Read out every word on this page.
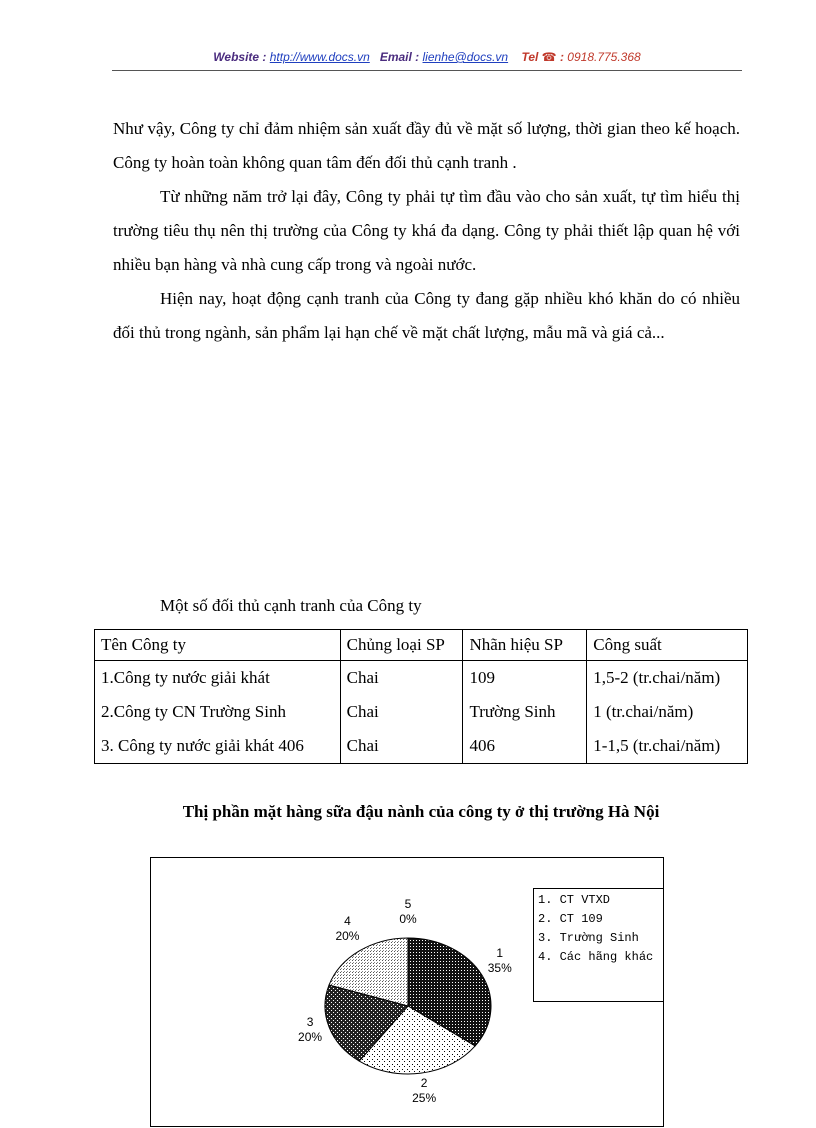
Website : http://www.docs.vn Email : lienhe@docs.vn Tel ☎ : 0918.775.368

Như vậy, Công ty chỉ đảm nhiệm sản xuất đầy đủ về mặt số lượng, thời gian theo kế hoạch. Công ty hoàn toàn không quan tâm đến đối thủ cạnh tranh .

Từ những năm trở lại đây, Công ty phải tự tìm đầu vào cho sản xuất, tự tìm hiểu thị trường tiêu thụ nên thị trường của Công ty khá đa dạng. Công ty phải thiết lập quan hệ với nhiều bạn hàng và nhà cung cấp trong và ngoài nước.

Hiện nay, hoạt động cạnh tranh của Công ty đang gặp nhiều khó khăn do có nhiều đối thủ trong ngành, sản phẩm lại hạn chế về mặt chất lượng, mẫu mã và giá cả...

Một số đối thủ cạnh tranh của Công ty
Tên Công ty	Chủng loại SP	Nhãn hiệu SP	Công suất
1.Công ty nước giải khát	Chai	109	1,5-2 (tr.chai/năm)
2.Công ty CN Trường Sinh	Chai	Trường Sinh	1 (tr.chai/năm)
3. Công ty nước giải khát 406	Chai	406	1-1,5 (tr.chai/năm)
Thị phần mặt hàng sữa đậu nành của công ty ở thị trường Hà Nội
1
35%
2
25%
3
20%
4
20%
5
0%
1. CT VTXD
2. CT 109
3. Trường Sinh
4. Các hãng khác
